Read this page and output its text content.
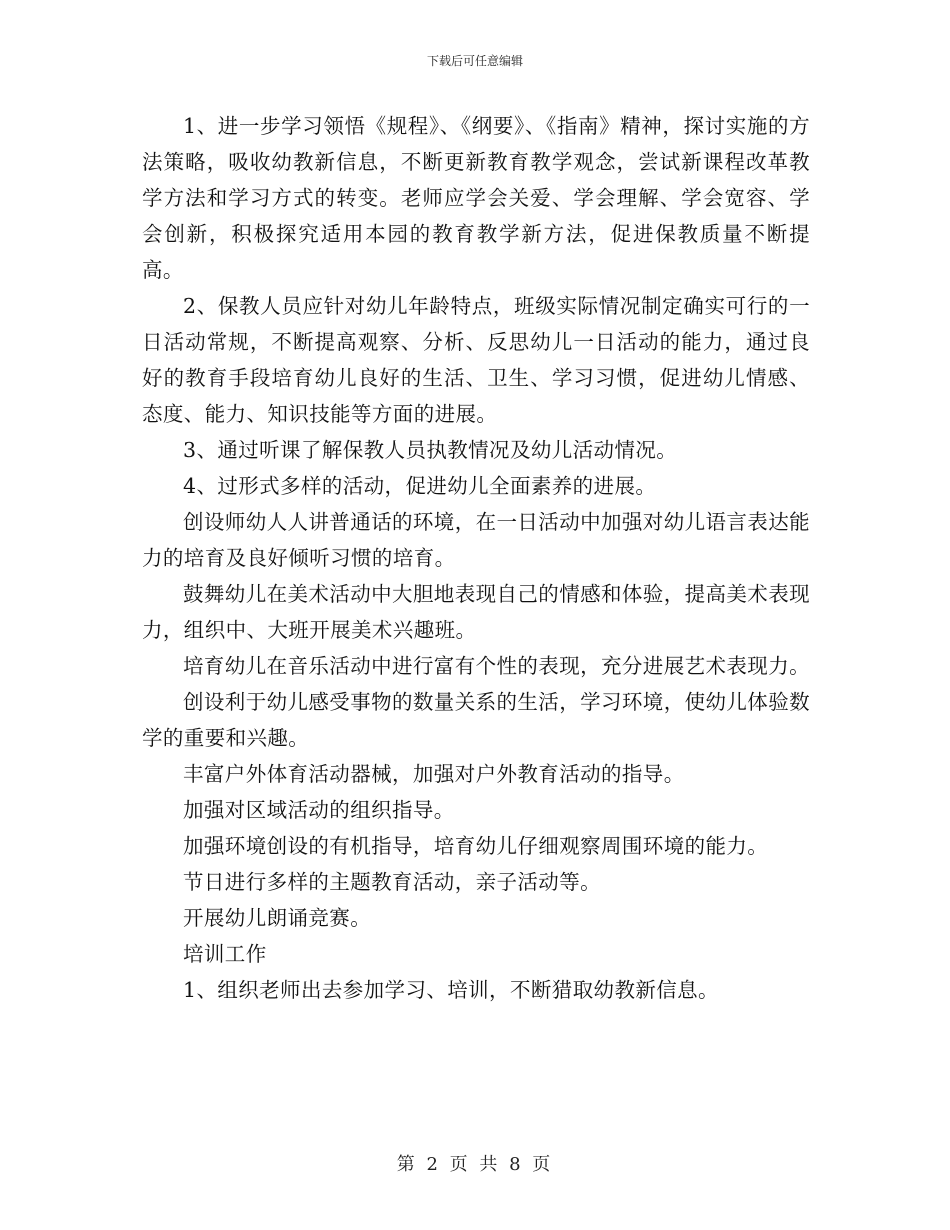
下载后可任意编辑

1、进一步学习领悟《规程》、《纲要》、《指南》精神，探讨实施的方法策略，吸收幼教新信息，不断更新教育教学观念，尝试新课程改革教学方法和学习方式的转变。老师应学会关爱、学会理解、学会宽容、学会创新，积极探究适用本园的教育教学新方法，促进保教质量不断提高。

2、保教人员应针对幼儿年龄特点，班级实际情况制定确实可行的一日活动常规，不断提高观察、分析、反思幼儿一日活动的能力，通过良好的教育手段培育幼儿良好的生活、卫生、学习习惯，促进幼儿情感、态度、能力、知识技能等方面的进展。

3、通过听课了解保教人员执教情况及幼儿活动情况。

4、过形式多样的活动，促进幼儿全面素养的进展。

创设师幼人人讲普通话的环境，在一日活动中加强对幼儿语言表达能力的培育及良好倾听习惯的培育。

鼓舞幼儿在美术活动中大胆地表现自己的情感和体验，提高美术表现力，组织中、大班开展美术兴趣班。

培育幼儿在音乐活动中进行富有个性的表现，充分进展艺术表现力。

创设利于幼儿感受事物的数量关系的生活，学习环境，使幼儿体验数学的重要和兴趣。

丰富户外体育活动器械，加强对户外教育活动的指导。

加强对区域活动的组织指导。

加强环境创设的有机指导，培育幼儿仔细观察周围环境的能力。

节日进行多样的主题教育活动，亲子活动等。

开展幼儿朗诵竞赛。

培训工作

1、组织老师出去参加学习、培训，不断猎取幼教新信息。

第 2 页 共 8 页
